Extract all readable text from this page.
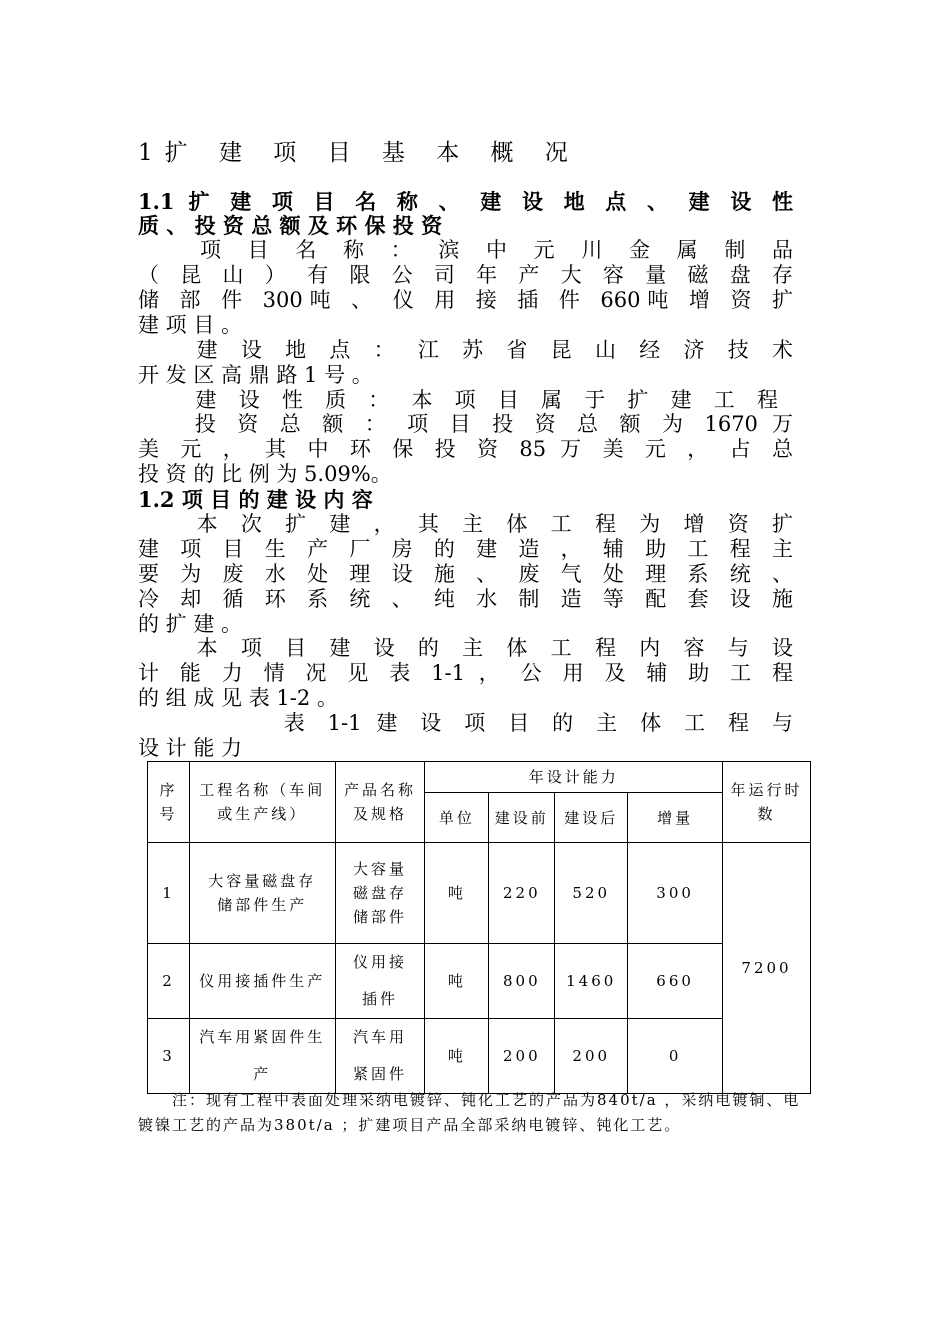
1扩 建 项 目 基 本 概 况
1.1 扩 建 项 目 名 称 、 建 设 地 点 、 建 设 性
质 、 投 资 总 额 及 环 保 投 资
　　项 目 名 称 ： 滨 中 元 川 金 属 制 品
（ 昆 山 ） 有 限 公 司 年 产 大 容 量 磁 盘 存
储 部 件 300吨 、 仪 用 接 插 件 660吨 增 资 扩
建 项 目 。
　　建 设 地 点 ： 江 苏 省 昆 山 经 济 技 术
开 发 区 高 鼎 路 1 号 。
　　建 设 性 质 ： 本 项 目 属 于 扩 建 工 程
　　投 资 总 额 ： 项 目 投 资 总 额 为 1670 万
美 元 ， 其 中 环 保 投 资 85 万 美 元 ， 占 总
投 资 的 比 例 为 5.09%。
1.2 项 目 的 建 设 内 容
　　本 次 扩 建 ， 其 主 体 工 程 为 增 资 扩
建 项 目 生 产 厂 房 的 建 造 ， 辅 助 工 程 主
要 为 废 水 处 理 设 施 、 废 气 处 理 系 统 、
冷 却 循 环 系 统 、 纯 水 制 造 等 配 套 设 施
的 扩 建 。
　　本 项 目 建 设 的 主 体 工 程 内 容 与 设
计 能 力 情 况 见 表 1-1 ， 公 用 及 辅 助 工 程
的 组 成 见 表 1-2 。
　　　　　表 1-1 建 设 项 目 的 主 体 工 程 与
设 计 能 力
序号	工程名称（车间或生产线）	产品名称及规格	年设计能力				年运行时数
			单位	建设前	建设后	增量	
1	大容量磁盘存储部件生产	大容量磁盘存储部件	吨	220	520	300	7200
2	仪用接插件生产	仪用接插件	吨	800	1460	660	
3	汽车用紧固件生产	汽车用紧固件	吨	200	200	0	
　　注：现有工程中表面处理采纳电镀锌、钝化工艺的产品为840t/a ，采纳电镀铜、电镀镍工艺的产品为380t/a ；扩建项目产品全部采纳电镀锌、钝化工艺。
